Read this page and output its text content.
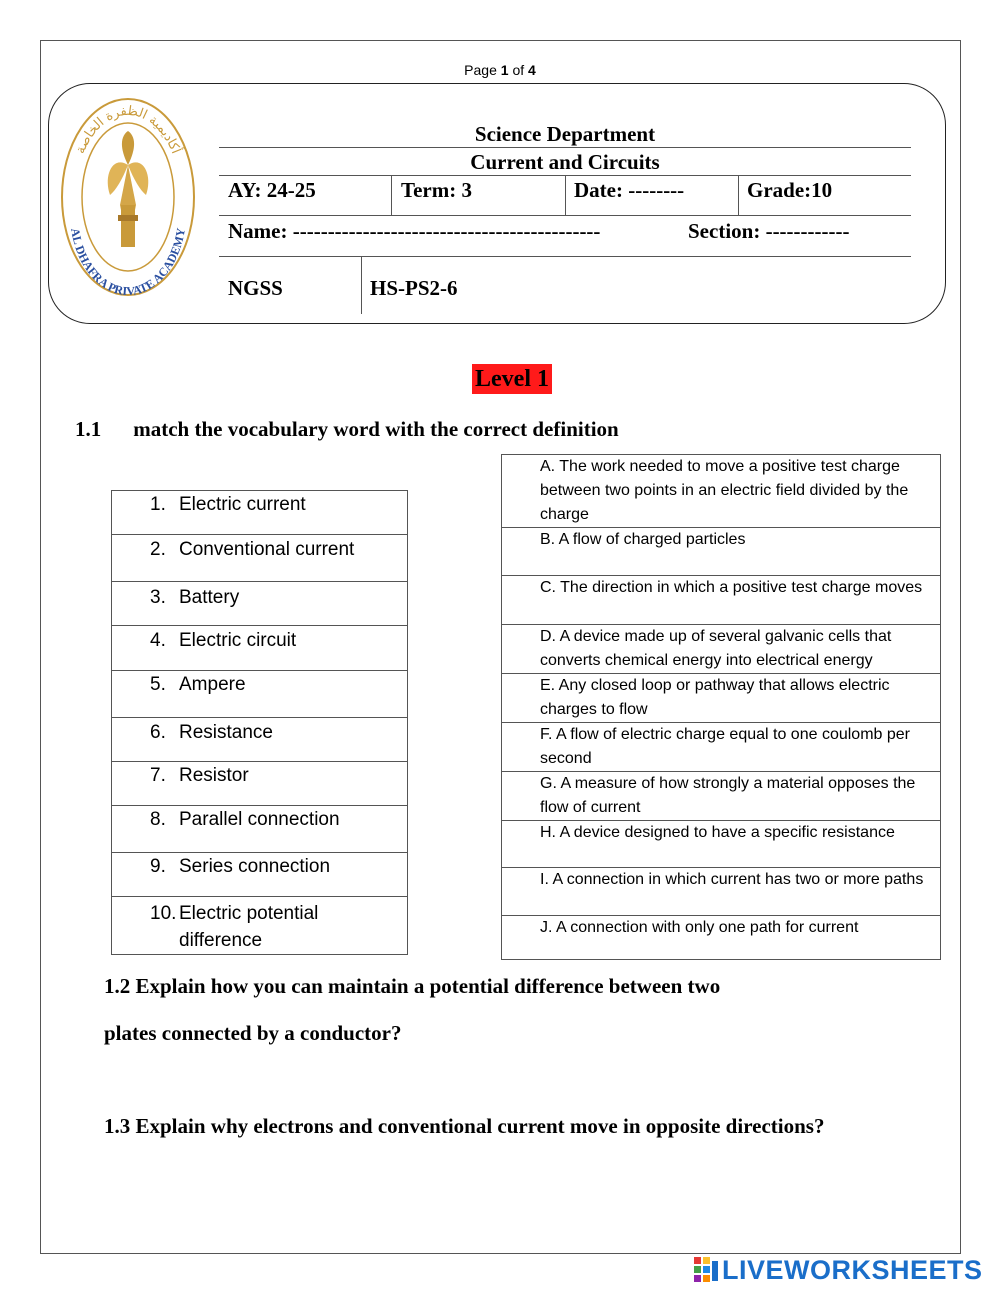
Page 1 of 4
أكاديمية الظفرة الخاصة
AL DHAFRA PRIVATE ACADEMY
Science Department
Current and Circuits
AY: 24-25	Term: 3	Date: --------	Grade:10
Name: --------------------------------------------	Section: ------------
NGSS	HS-PS2-6
Level 1
1.1 match the vocabulary word with the correct definition
1. Electric current

2. Conventional current

3. Battery

4. Electric circuit

5. Ampere

6. Resistance

7. Resistor

8. Parallel connection

9. Series connection

10. Electric potential difference
A. The work needed to move a positive test charge between two points in an electric field divided by the charge
B. A flow of charged particles
C. The direction in which a positive test charge moves
D. A device made up of several galvanic cells that converts chemical energy into electrical energy
E. Any closed loop or pathway that allows electric charges to flow
F. A flow of electric charge equal to one coulomb per second
G. A measure of how strongly a material opposes the flow of current
H. A device designed to have a specific resistance
I. A connection in which current has two or more paths
J. A connection with only one path for current
1.2 Explain how you can maintain a potential difference between two
plates connected by a conductor?
1.3 Explain why electrons and conventional current move in opposite directions?
LIVEWORKSHEETS
